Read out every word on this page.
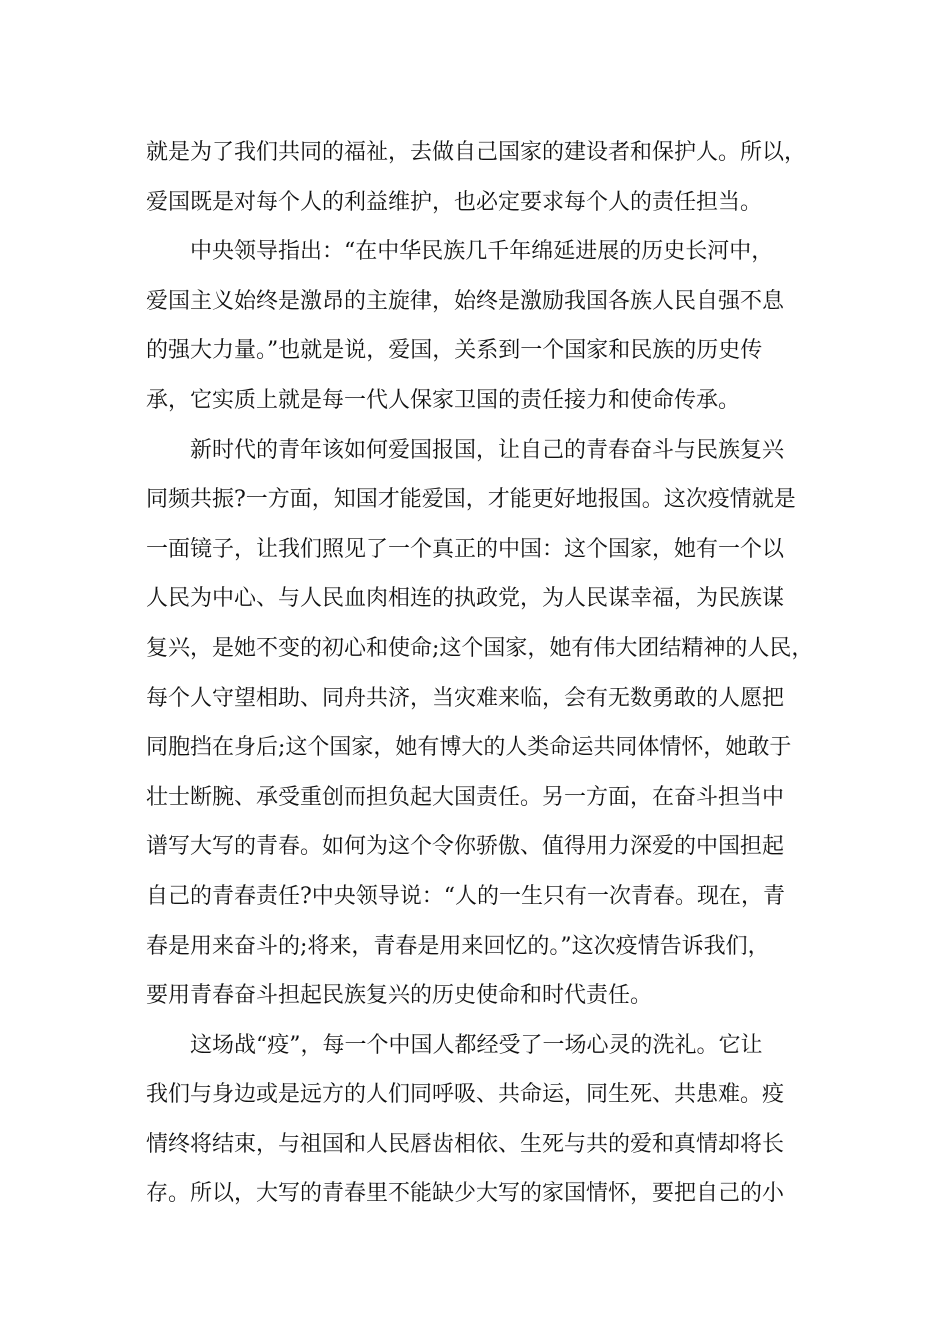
就是为了我们共同的福祉，去做自己国家的建设者和保护人。所以，
爱国既是对每个人的利益维护，也必定要求每个人的责任担当。
中央领导指出：“在中华民族几千年绵延进展的历史长河中，
爱国主义始终是激昂的主旋律，始终是激励我国各族人民自强不息
的强大力量。”也就是说，爱国，关系到一个国家和民族的历史传
承，它实质上就是每一代人保家卫国的责任接力和使命传承。
新时代的青年该如何爱国报国，让自己的青春奋斗与民族复兴
同频共振?一方面，知国才能爱国，才能更好地报国。这次疫情就是
一面镜子，让我们照见了一个真正的中国：这个国家，她有一个以
人民为中心、与人民血肉相连的执政党，为人民谋幸福，为民族谋
复兴，是她不变的初心和使命;这个国家，她有伟大团结精神的人民，
每个人守望相助、同舟共济，当灾难来临，会有无数勇敢的人愿把
同胞挡在身后;这个国家，她有博大的人类命运共同体情怀，她敢于
壮士断腕、承受重创而担负起大国责任。另一方面，在奋斗担当中
谱写大写的青春。如何为这个令你骄傲、值得用力深爱的中国担起
自己的青春责任?中央领导说：“人的一生只有一次青春。现在，青
春是用来奋斗的;将来，青春是用来回忆的。”这次疫情告诉我们，
要用青春奋斗担起民族复兴的历史使命和时代责任。
这场战“疫”，每一个中国人都经受了一场心灵的洗礼。它让
我们与身边或是远方的人们同呼吸、共命运，同生死、共患难。疫
情终将结束，与祖国和人民唇齿相依、生死与共的爱和真情却将长
存。所以，大写的青春里不能缺少大写的家国情怀，要把自己的小
